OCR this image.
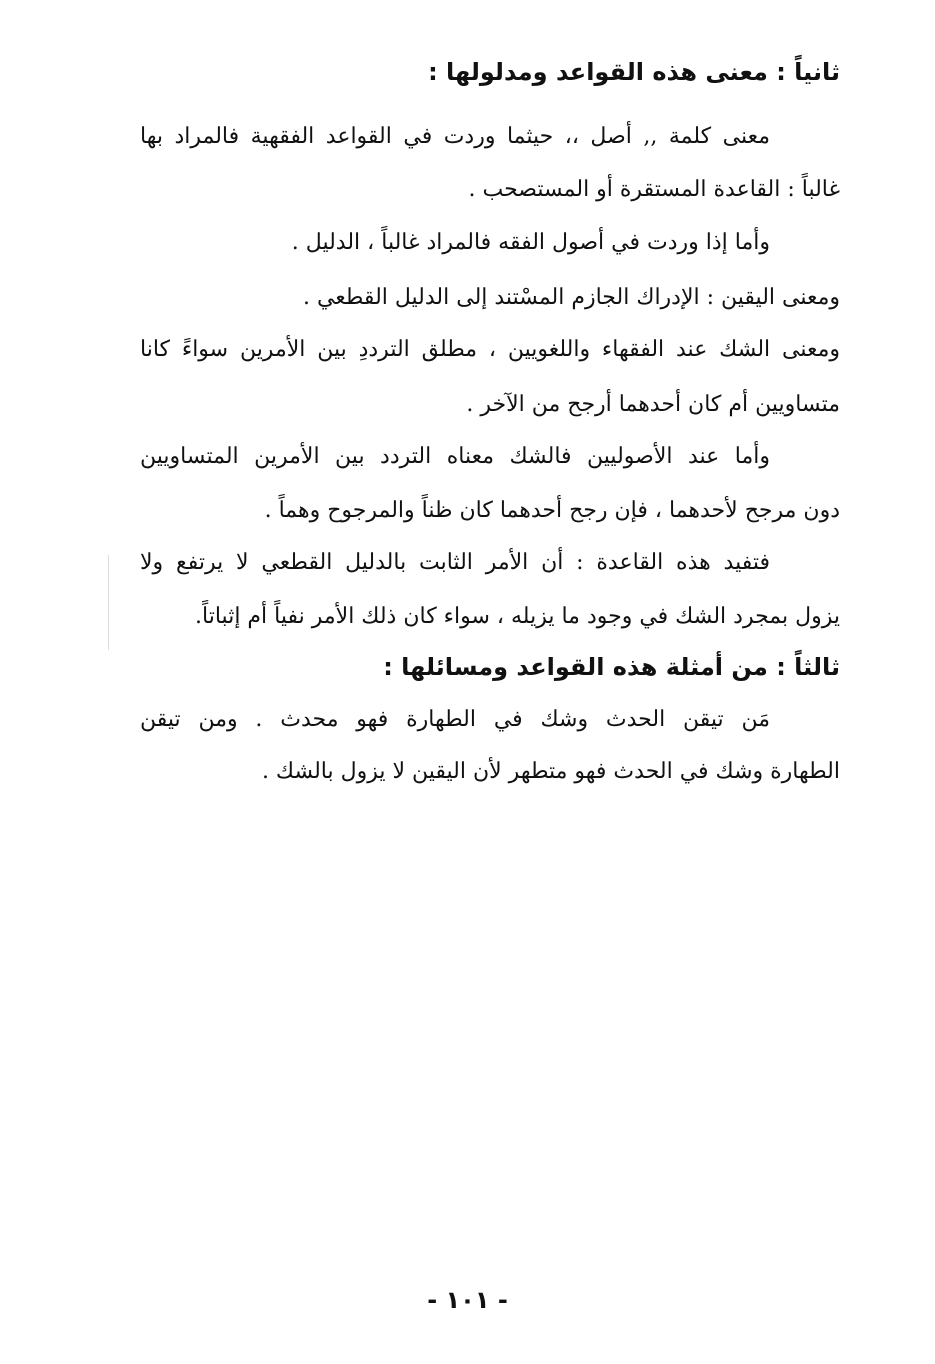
ثانياً : معنى هذه القواعد ومدلولها :
معنى كلمة ,, أصل ،، حيثما وردت في القواعد الفقهية فالمراد بها
غالباً : القاعدة المستقرة أو المستصحب .
وأما إذا وردت في أصول الفقه فالمراد غالباً ، الدليل .
ومعنى اليقين : الإدراك الجازم المسْتند إلى الدليل القطعي .
ومعنى الشك عند الفقهاء واللغويين ، مطلق الترددِ بين الأمرين سواءً كانا
متساويين أم كان أحدهما أرجح من الآخر .
وأما عند الأصوليين فالشك معناه التردد بين الأمرين المتساويين
دون مرجح لأحدهما ، فإن رجح أحدهما كان ظناً والمرجوح وهماً .
فتفيد هذه القاعدة : أن الأمر الثابت بالدليل القطعي لا يرتفع ولا
يزول بمجرد الشك في وجود ما يزيله ، سواء كان ذلك الأمر نفياً أم إثباتاً.
ثالثاً : من أمثلة هذه القواعد ومسائلها :
مَن تيقن الحدث وشك في الطهارة فهو محدث . ومن تيقن
الطهارة وشك في الحدث فهو متطهر لأن اليقين لا يزول بالشك .
- ١٠١ -
